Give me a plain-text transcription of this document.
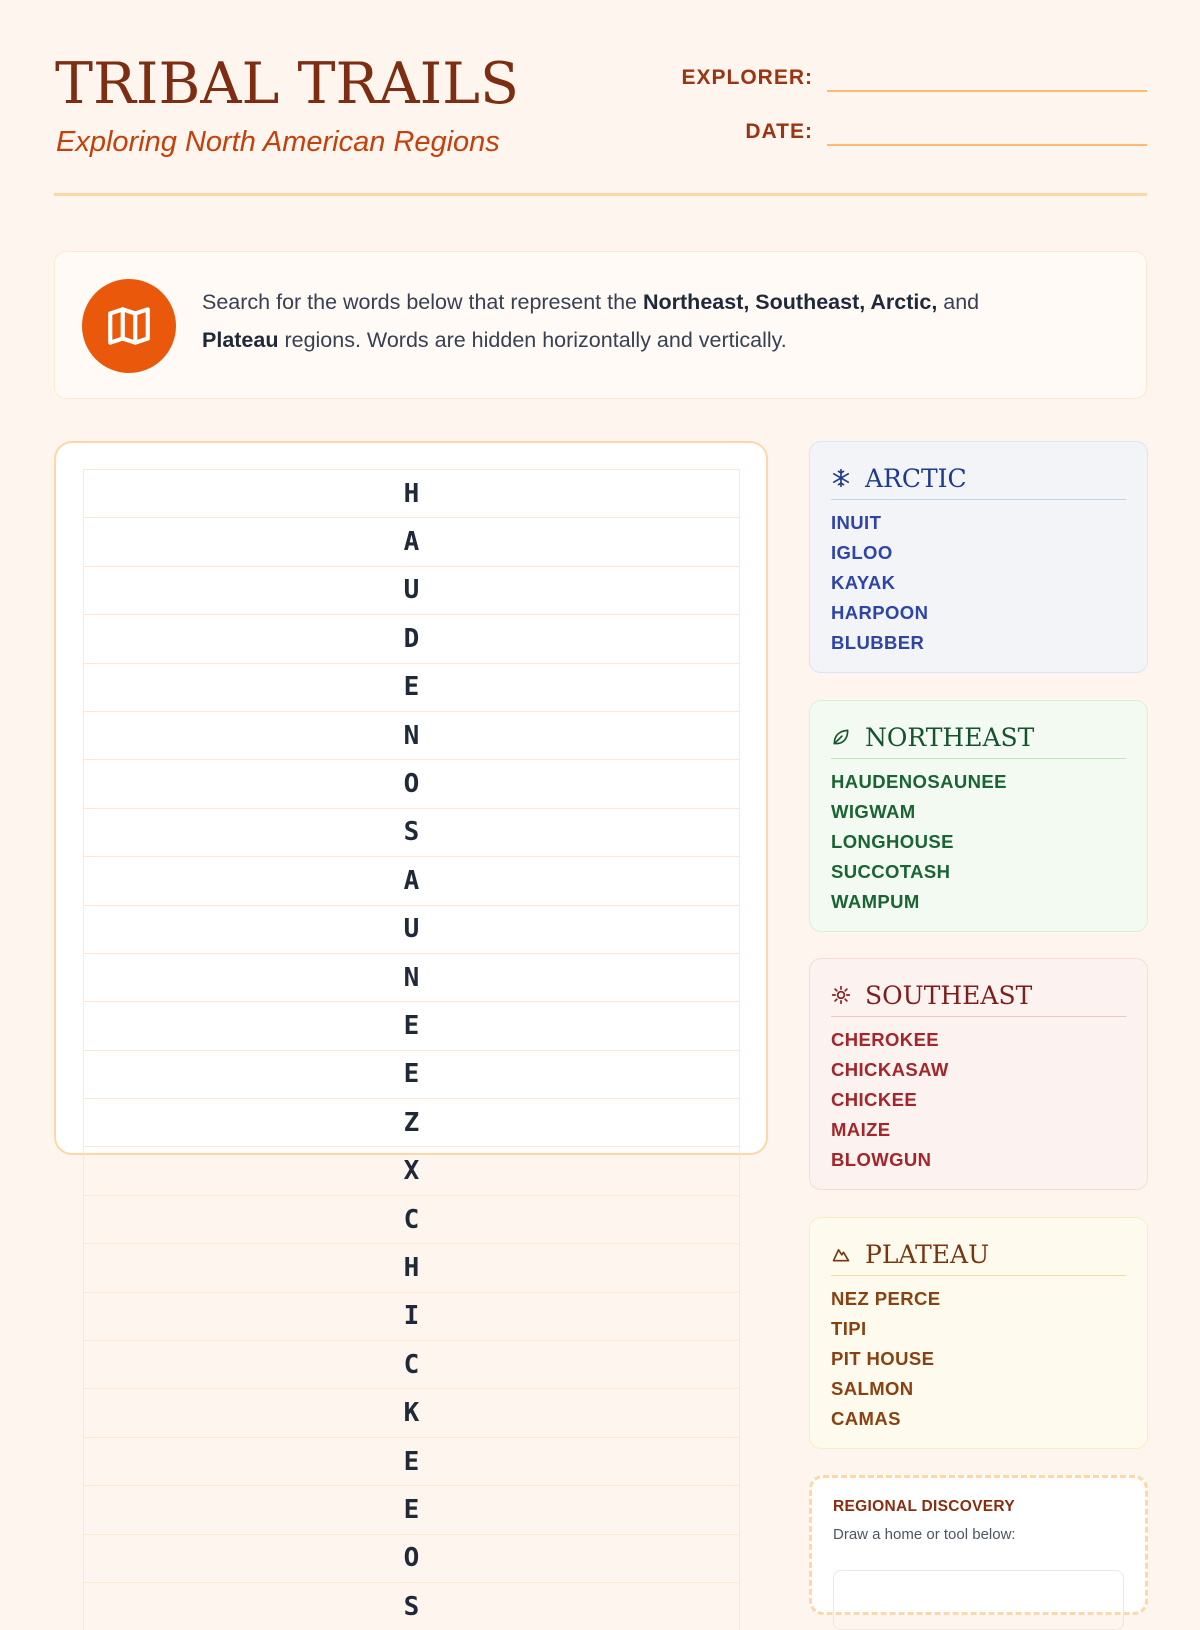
TRIBAL TRAILS
Exploring North American Regions
EXPLORER:
DATE:

Search for the words below that represent the Northeast, Southeast, Arctic, and
Plateau regions. Words are hidden horizontally and vertically.

H
A
U
D
E
N
O
S
A
U
N
E
E
Z
X
C
H
I
C
K
E
E
O
S
ARCTIC
INUIT
IGLOO
KAYAK
HARPOON
BLUBBER
NORTHEAST
HAUDENOSAUNEE
WIGWAM
LONGHOUSE
SUCCOTASH
WAMPUM
SOUTHEAST
CHEROKEE
CHICKASAW
CHICKEE
MAIZE
BLOWGUN
PLATEAU
NEZ PERCE
TIPI
PIT HOUSE
SALMON
CAMAS
REGIONAL DISCOVERY
Draw a home or tool below:
